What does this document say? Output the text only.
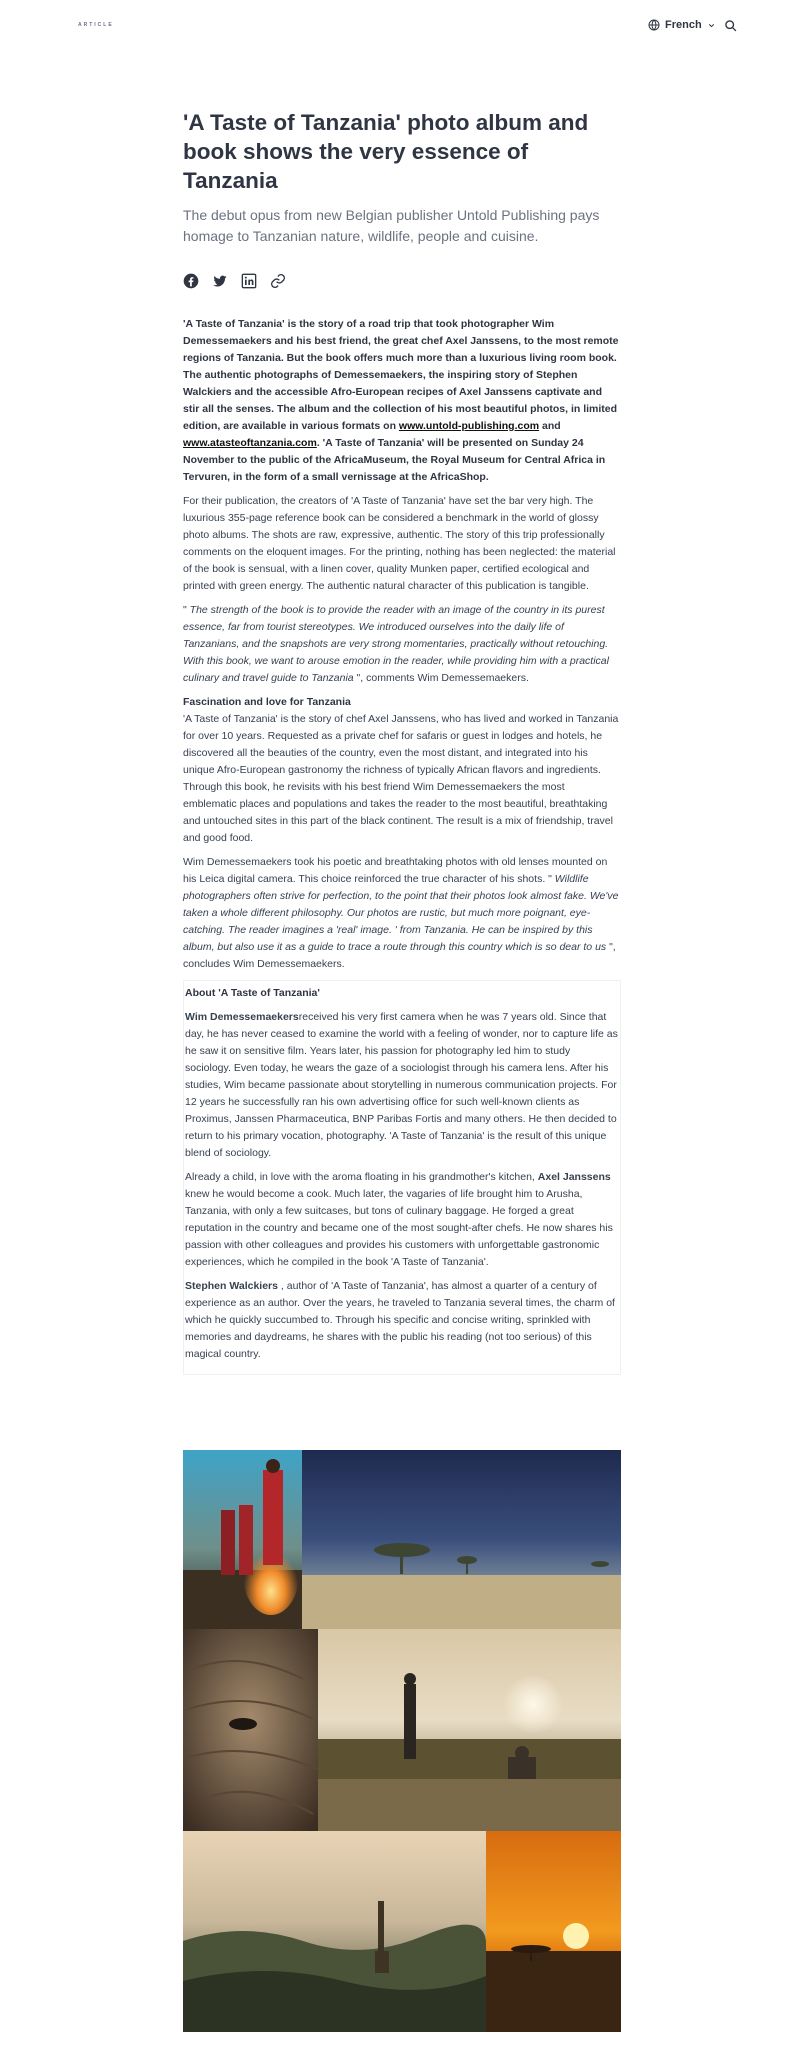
ARTICLE	French
'A Taste of Tanzania' photo album and book shows the very essence of Tanzania
The debut opus from new Belgian publisher Untold Publishing pays homage to Tanzanian nature, wildlife, people and cuisine.

'A Taste of Tanzania' is the story of a road trip that took photographer Wim Demessemaekers and his best friend, the great chef Axel Janssens, to the most remote regions of Tanzania. But the book offers much more than a luxurious living room book. The authentic photographs of Demessemaekers, the inspiring story of Stephen Walckiers and the accessible Afro-European recipes of Axel Janssens captivate and stir all the senses. The album and the collection of his most beautiful photos, in limited edition, are available in various formats on www.untold-publishing.com and www.atasteoftanzania.com. 'A Taste of Tanzania' will be presented on Sunday 24 November to the public of the AfricaMuseum, the Royal Museum for Central Africa in Tervuren, in the form of a small vernissage at the AfricaShop.

For their publication, the creators of 'A Taste of Tanzania' have set the bar very high. The luxurious 355-page reference book can be considered a benchmark in the world of glossy photo albums. The shots are raw, expressive, authentic. The story of this trip professionally comments on the eloquent images. For the printing, nothing has been neglected: the material of the book is sensual, with a linen cover, quality Munken paper, certified ecological and printed with green energy. The authentic natural character of this publication is tangible.

" The strength of the book is to provide the reader with an image of the country in its purest essence, far from tourist stereotypes. We introduced ourselves into the daily life of Tanzanians, and the snapshots are very strong momentaries, practically without retouching. With this book, we want to arouse emotion in the reader, while providing him with a practical culinary and travel guide to Tanzania ", comments Wim Demessemaekers.

Fascination and love for Tanzania

'A Taste of Tanzania' is the story of chef Axel Janssens, who has lived and worked in Tanzania for over 10 years. Requested as a private chef for safaris or guest in lodges and hotels, he discovered all the beauties of the country, even the most distant, and integrated into his unique Afro-European gastronomy the richness of typically African flavors and ingredients. Through this book, he revisits with his best friend Wim Demessemaekers the most emblematic places and populations and takes the reader to the most beautiful, breathtaking and untouched sites in this part of the black continent. The result is a mix of friendship, travel and good food.

Wim Demessemaekers took his poetic and breathtaking photos with old lenses mounted on his Leica digital camera. This choice reinforced the true character of his shots. " Wildlife photographers often strive for perfection, to the point that their photos look almost fake. We've taken a whole different philosophy. Our photos are rustic, but much more poignant, eye-catching. The reader imagines a 'real' image. ' from Tanzania. He can be inspired by this album, but also use it as a guide to trace a route through this country which is so dear to us ", concludes Wim Demessemaekers.

About 'A Taste of Tanzania'

Wim Demessemaekersreceived his very first camera when he was 7 years old. Since that day, he has never ceased to examine the world with a feeling of wonder, nor to capture life as he saw it on sensitive film. Years later, his passion for photography led him to study sociology. Even today, he wears the gaze of a sociologist through his camera lens. After his studies, Wim became passionate about storytelling in numerous communication projects. For 12 years he successfully ran his own advertising office for such well-known clients as Proximus, Janssen Pharmaceutica, BNP Paribas Fortis and many others. He then decided to return to his primary vocation, photography. 'A Taste of Tanzania' is the result of this unique blend of sociology.

Already a child, in love with the aroma floating in his grandmother's kitchen, Axel Janssens knew he would become a cook. Much later, the vagaries of life brought him to Arusha, Tanzania, with only a few suitcases, but tons of culinary baggage. He forged a great reputation in the country and became one of the most sought-after chefs. He now shares his passion with other colleagues and provides his customers with unforgettable gastronomic experiences, which he compiled in the book 'A Taste of Tanzania'.

Stephen Walckiers , author of 'A Taste of Tanzania', has almost a quarter of a century of experience as an author. Over the years, he traveled to Tanzania several times, the charm of which he quickly succumbed to. Through his specific and concise writing, sprinkled with memories and daydreams, he shares with the public his reading (not too serious) of this magical country.
